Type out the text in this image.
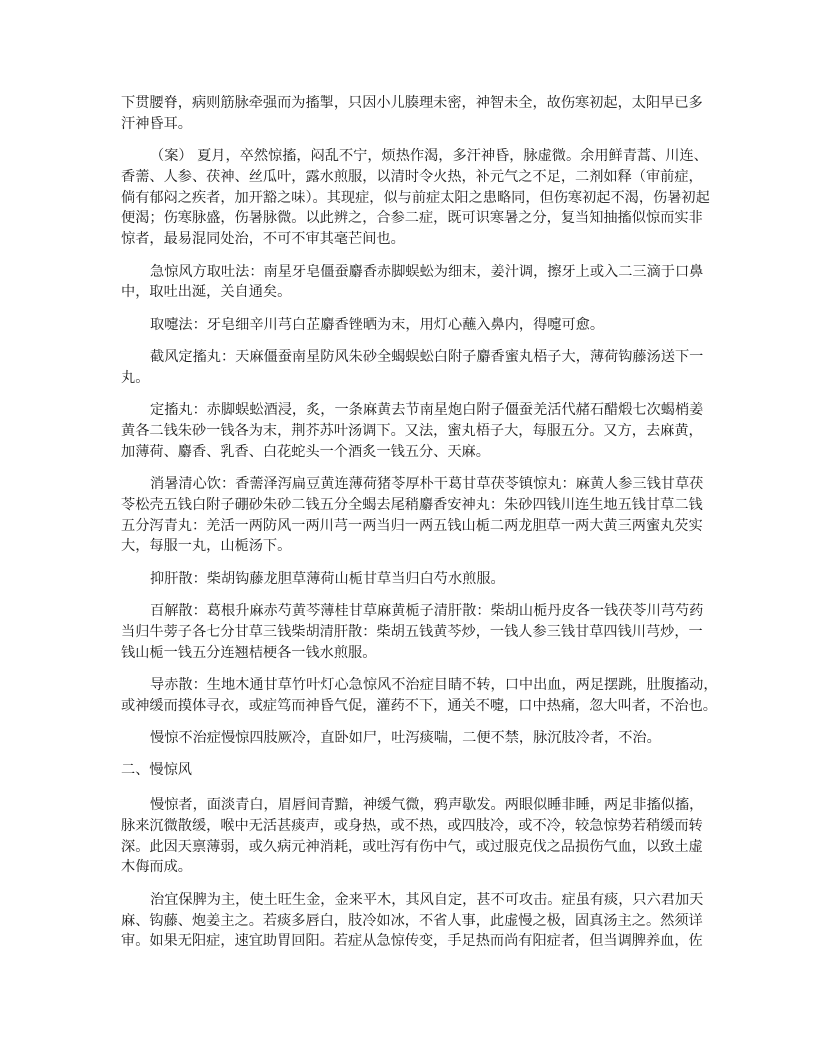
下贯腰脊，病则筋脉牵强而为搐掣，只因小儿腠理未密，神智未全，故伤寒初起，太阳早已多
汗神昏耳。
（案） 夏月，卒然惊搐，闷乱不宁，烦热作渴，多汗神昏，脉虚微。余用鲜青蒿、川连、
香薷、人参、茯神、丝瓜叶，露水煎服，以清时令火热，补元气之不足，二剂如释（审前症，
倘有郁闷之疾者，加开豁之味）。其现症，似与前症太阳之患略同，但伤寒初起不渴，伤暑初起
便渴；伤寒脉盛，伤暑脉微。以此辨之，合参二症，既可识寒暑之分，复当知抽搐似惊而实非
惊者，最易混同处治，不可不审其毫芒间也。
急惊风方取吐法：南星牙皂僵蚕麝香赤脚蜈蚣为细末，姜汁调，擦牙上或入二三滴于口鼻
中，取吐出涎，关自通矣。
取嚏法：牙皂细辛川芎白芷麝香锉晒为末，用灯心蘸入鼻内，得嚏可愈。
截风定搐丸：天麻僵蚕南星防风朱砂全蝎蜈蚣白附子麝香蜜丸梧子大，薄荷钩藤汤送下一
丸。
定搐丸：赤脚蜈蚣酒浸，炙，一条麻黄去节南星炮白附子僵蚕羌活代赭石醋煅七次蝎梢姜
黄各二钱朱砂一钱各为末，荆芥苏叶汤调下。又法，蜜丸梧子大，每服五分。又方，去麻黄，
加薄荷、麝香、乳香、白花蛇头一个酒炙一钱五分、天麻。
消暑清心饮：香薷泽泻扁豆黄连薄荷猪苓厚朴干葛甘草茯苓镇惊丸：麻黄人参三钱甘草茯
苓松壳五钱白附子硼砂朱砂二钱五分全蝎去尾稍麝香安神丸：朱砂四钱川连生地五钱甘草二钱
五分泻青丸：羌活一两防风一两川芎一两当归一两五钱山栀二两龙胆草一两大黄三两蜜丸芡实
大，每服一丸，山栀汤下。
抑肝散：柴胡钩藤龙胆草薄荷山栀甘草当归白芍水煎服。
百解散：葛根升麻赤芍黄芩薄桂甘草麻黄栀子清肝散：柴胡山栀丹皮各一钱茯苓川芎芍药
当归牛蒡子各七分甘草三钱柴胡清肝散：柴胡五钱黄芩炒，一钱人参三钱甘草四钱川芎炒，一
钱山栀一钱五分连翘桔梗各一钱水煎服。
导赤散：生地木通甘草竹叶灯心急惊风不治症目睛不转，口中出血，两足摆跳，肚腹搐动，
或神缓而摸体寻衣，或症笃而神昏气促，灌药不下，通关不嚏，口中热痛，忽大叫者，不治也。
慢惊不治症慢惊四肢厥冷，直卧如尸，吐泻痰喘，二便不禁，脉沉肢冷者，不治。
二、慢惊风
慢惊者，面淡青白，眉唇间青黯，神缓气微，鸦声歇发。两眼似睡非睡，两足非搐似搐，
脉来沉微散缓，喉中无活甚痰声，或身热，或不热，或四肢冷，或不冷，较急惊势若稍缓而转
深。此因天禀薄弱，或久病元神消耗，或吐泻有伤中气，或过服克伐之品损伤气血，以致土虚
木侮而成。
治宜保脾为主，使土旺生金，金来平木，其风自定，甚不可攻击。症虽有痰，只六君加天
麻、钩藤、炮姜主之。若痰多唇白，肢冷如冰，不省人事，此虚慢之极，固真汤主之。然须详
审。如果无阳症，速宜助胃回阳。若症从急惊传变，手足热而尚有阳症者，但当调脾养血，佐
